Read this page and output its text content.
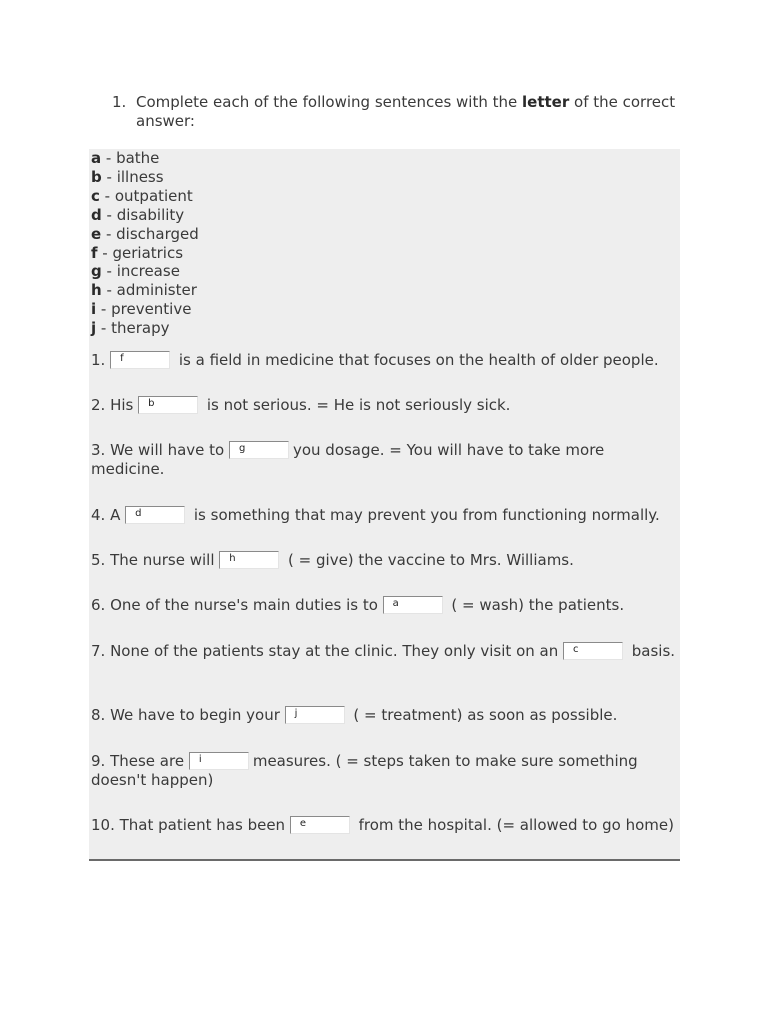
1. Complete each of the following sentences with the letter of the correct answer:
a - bathe
b - illness
c - outpatient
d - disability
e - discharged
f - geriatrics
g - increase
h - administer
i - preventive
j - therapy
1. f	is a field in medicine that focuses on the health of older people.
2. His b	is not serious. = He is not seriously sick.
3. We will have to g	you dosage. = You will have to take more medicine.
4. A d	is something that may prevent you from functioning normally.
5. The nurse will h	( = give) the vaccine to Mrs. Williams.
6. One of the nurse's main duties is to a	( = wash) the patients.
7. None of the patients stay at the clinic. They only visit on an c	basis.
8. We have to begin your j	( = treatment) as soon as possible.
9. These are i	measures. ( = steps taken to make sure something doesn't happen)
10. That patient has been e	from the hospital. (= allowed to go home)
